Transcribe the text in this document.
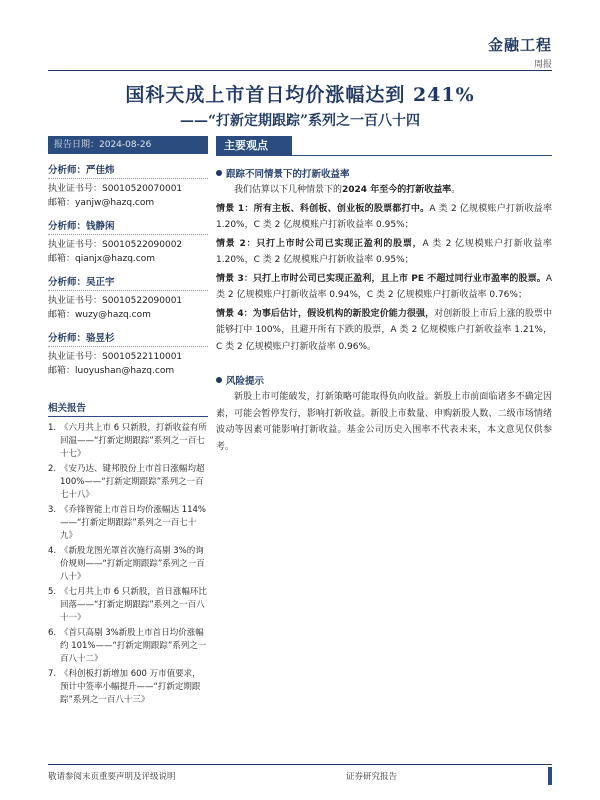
金融工程
周报
国科天成上市首日均价涨幅达到 241%
——“打新定期跟踪”系列之一百八十四
报告日期：2024-08-26
分析师：严佳炜
执业证书号：S0010520070001
邮箱：yanjw@hazq.com
分析师：钱静闲
执业证书号：S0010522090002
邮箱：qianjx@hazq.com
分析师：吴正宇
执业证书号：S0010522090001
邮箱：wuzy@hazq.com
分析师：骆昱杉
执业证书号：S0010522110001
邮箱：luoyushan@hazq.com
相关报告
1. 《六月共上市 6 只新股，打新收益有所回温——“打新定期跟踪”系列之一百七十七》
2. 《安乃达、键邦股份上市首日涨幅均超 100%——“打新定期跟踪”系列之一百七十八》
3. 《乔锋智能上市首日均价涨幅达 114%——“打新定期跟踪”系列之一百七十九》
4. 《新股龙图光罩首次施行高剔 3%的询价规则——“打新定期跟踪”系列之一百八十》
5. 《七月共上市 6 只新股，首日涨幅环比回落——“打新定期跟踪”系列之一百八十一》
6. 《首只高剔 3%新股上市首日均价涨幅约 101%——“打新定期跟踪”系列之一百八十二》
7. 《科创板打新增加 600 万市值要求，预计中签率小幅提升——“打新定期跟踪”系列之一百八十三》
主要观点
跟踪不同情景下的打新收益率
我们估算以下几种情景下的2024 年至今的打新收益率。
情景 1：所有主板、科创板、创业板的股票都打中。A 类 2 亿规模账户打新收益率 1.20%，C 类 2 亿规模账户打新收益率 0.95%；
情景 2：只打上市时公司已实现正盈利的股票，A 类 2 亿规模账户打新收益率 1.20%，C 类 2 亿规模账户打新收益率 0.95%；
情景 3：只打上市时公司已实现正盈利，且上市 PE 不超过同行业市盈率的股票。A 类 2 亿规模账户打新收益率 0.94%，C 类 2 亿规模账户打新收益率 0.76%；
情景 4：为事后估计，假设机构的新股定价能力很强，对创新股上市后上涨的股票中能够打中 100%，且避开所有下跌的股票，A 类 2 亿规模账户打新收益率 1.21%，C 类 2 亿规模账户打新收益率 0.96%。
风险提示
新股上市可能破发，打新策略可能取得负向收益。新股上市前面临诸多不确定因素，可能会暂停发行，影响打新收益。新股上市数量、申购新股人数、二级市场情绪波动等因素可能影响打新收益。基金公司历史入围率不代表未来，本文意见仅供参考。
敬请参阅末页重要声明及评级说明	证券研究报告
